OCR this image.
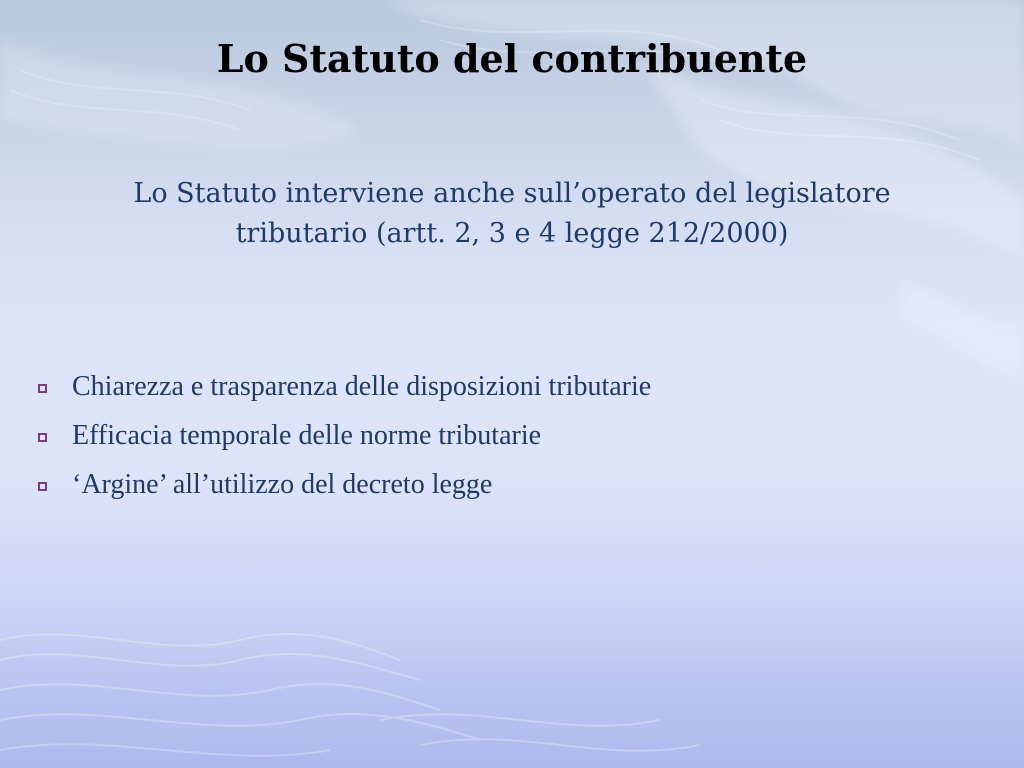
Lo Statuto del contribuente
Lo Statuto interviene anche sull’operato del legislatore
tributario (artt. 2, 3 e 4 legge 212/2000)
Chiarezza e trasparenza delle disposizioni tributarie
Efficacia temporale delle norme tributarie
‘Argine’ all’utilizzo del decreto legge
